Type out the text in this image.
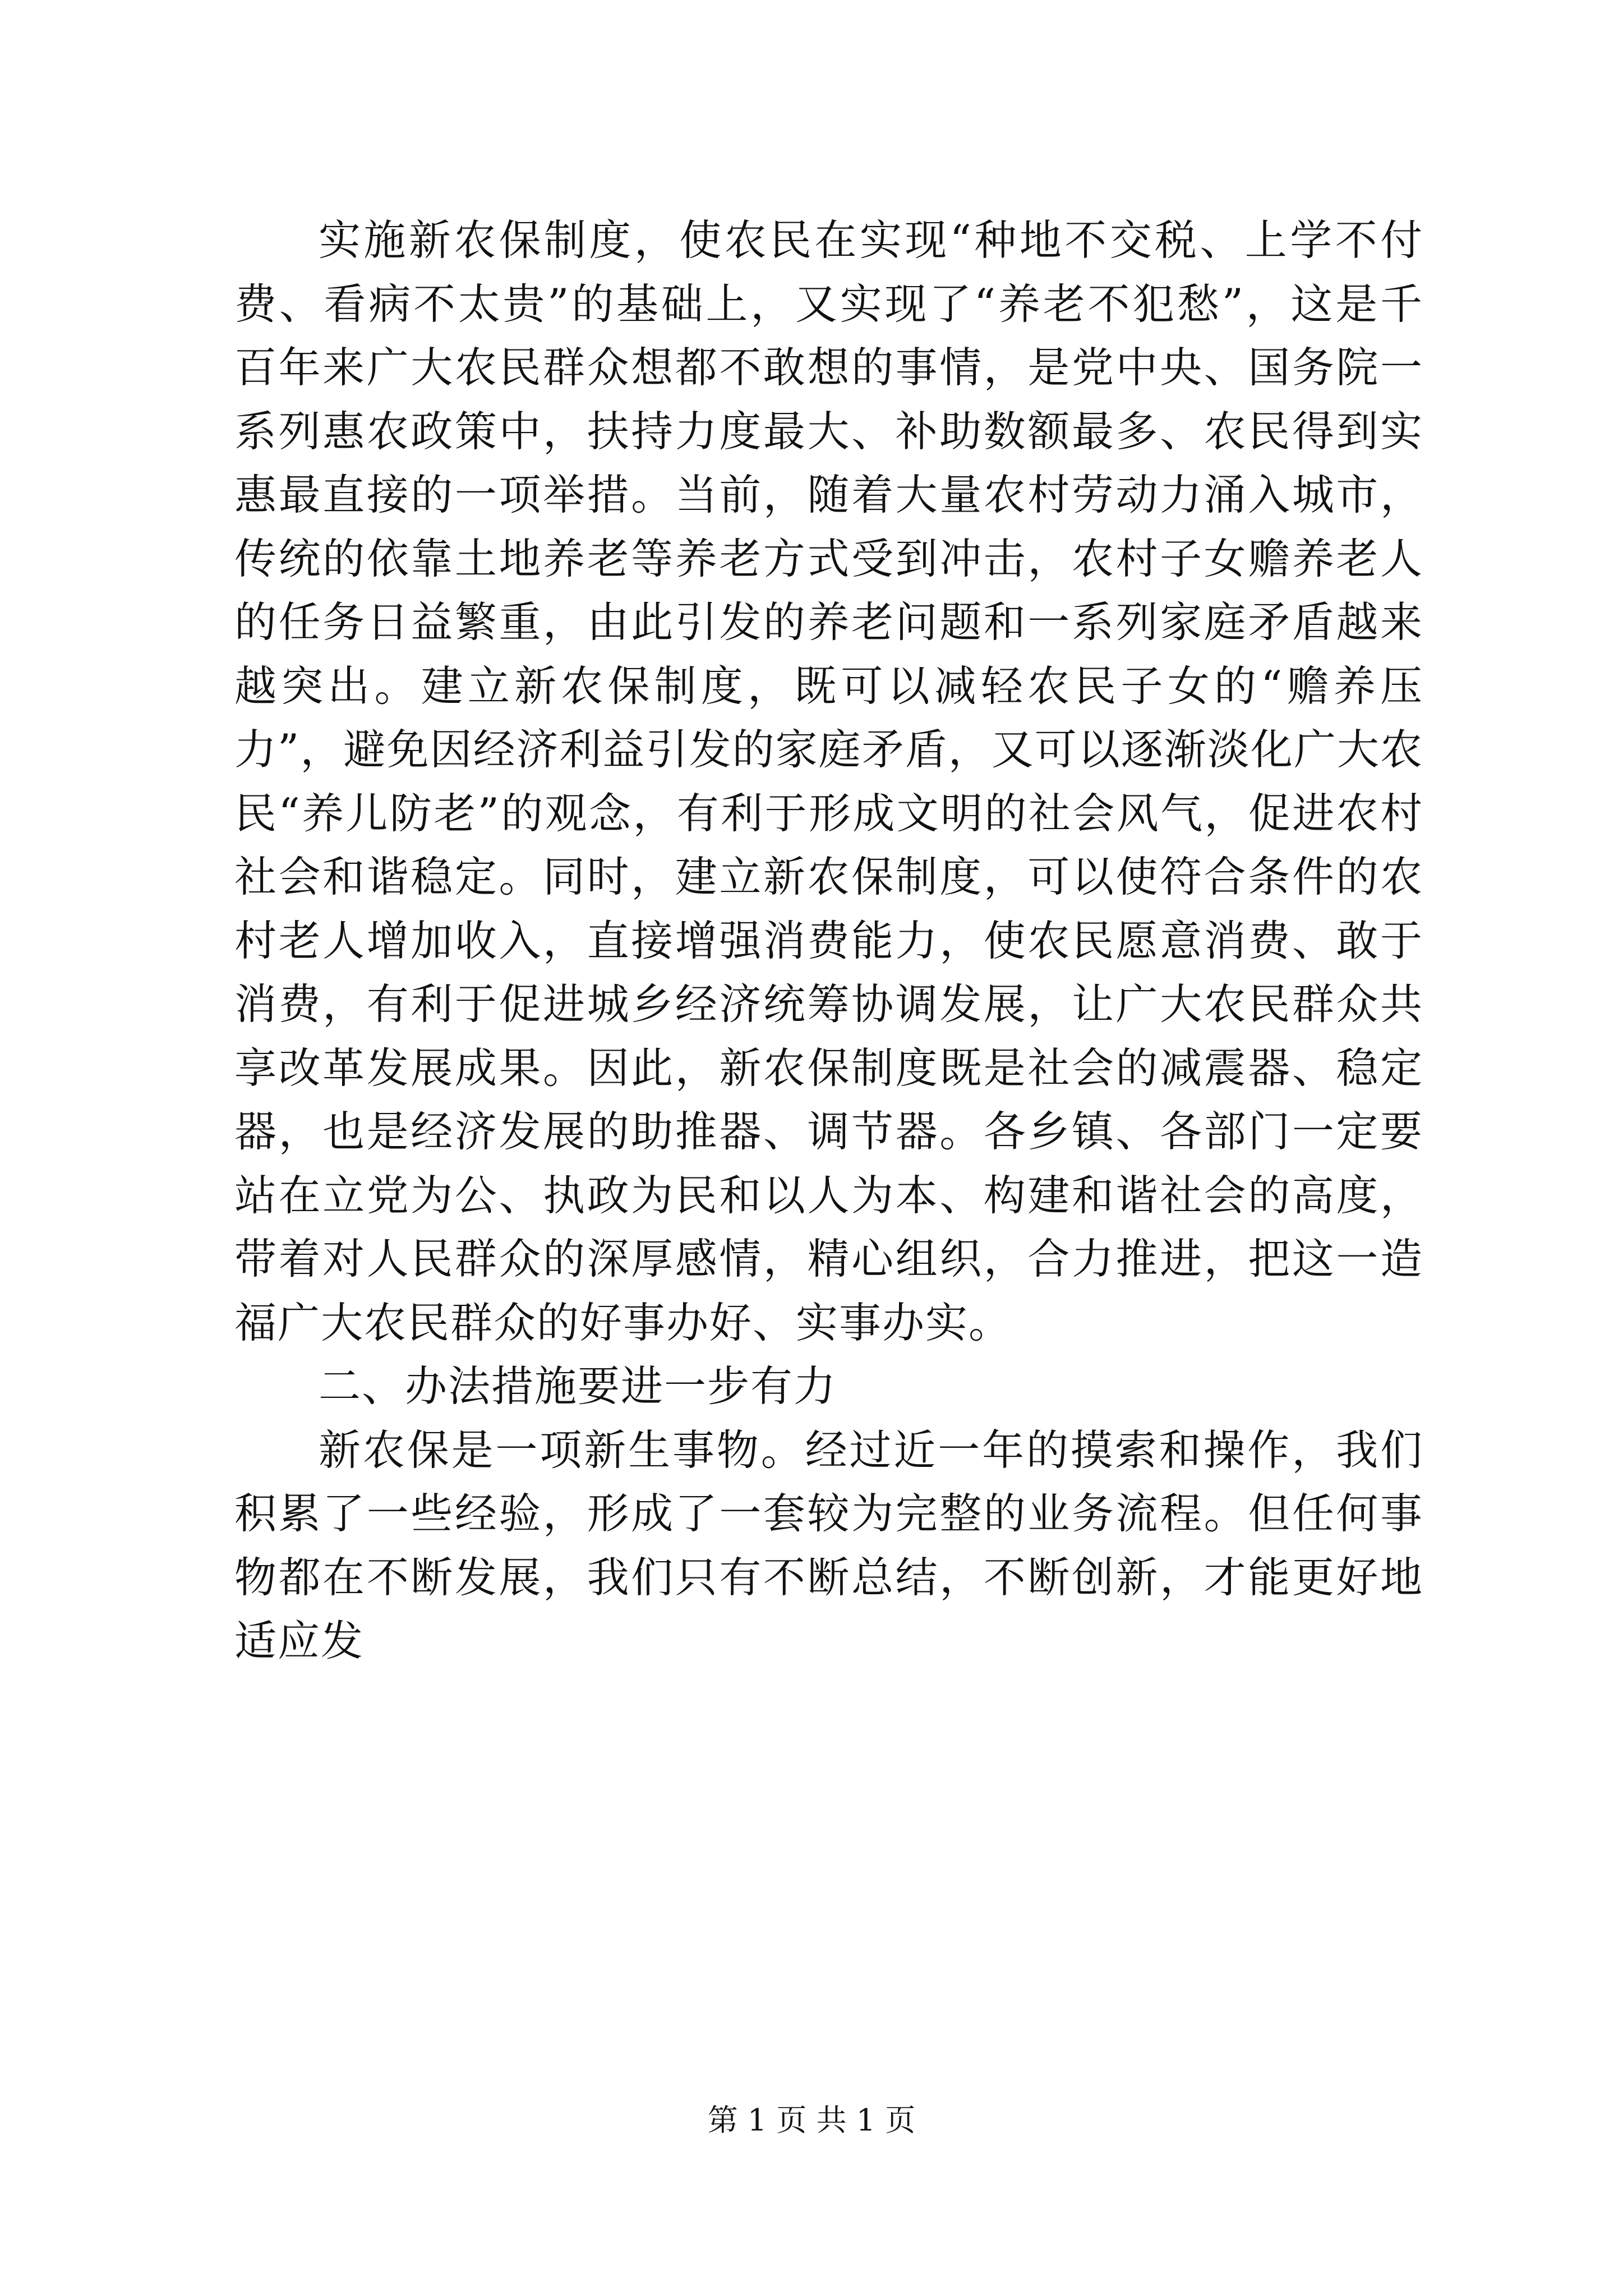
实施新农保制度，使农民在实现“种地不交税、上学不付费、看病不太贵”的基础上，又实现了“养老不犯愁”，这是千百年来广大农民群众想都不敢想的事情，是党中央、国务院一系列惠农政策中，扶持力度最大、补助数额最多、农民得到实惠最直接的一项举措。当前，随着大量农村劳动力涌入城市，传统的依靠土地养老等养老方式受到冲击，农村子女赡养老人的任务日益繁重，由此引发的养老问题和一系列家庭矛盾越来越突出。建立新农保制度，既可以减轻农民子女的“赡养压力”，避免因经济利益引发的家庭矛盾，又可以逐渐淡化广大农民“养儿防老”的观念，有利于形成文明的社会风气，促进农村社会和谐稳定。同时，建立新农保制度，可以使符合条件的农村老人增加收入，直接增强消费能力，使农民愿意消费、敢于消费，有利于促进城乡经济统筹协调发展，让广大农民群众共享改革发展成果。因此，新农保制度既是社会的减震器、稳定器，也是经济发展的助推器、调节器。各乡镇、各部门一定要站在立党为公、执政为民和以人为本、构建和谐社会的高度，带着对人民群众的深厚感情，精心组织，合力推进，把这一造福广大农民群众的好事办好、实事办实。

二、办法措施要进一步有力

新农保是一项新生事物。经过近一年的摸索和操作，我们积累了一些经验，形成了一套较为完整的业务流程。但任何事物都在不断发展，我们只有不断总结，不断创新，才能更好地适应发

第 1 页 共 1 页
